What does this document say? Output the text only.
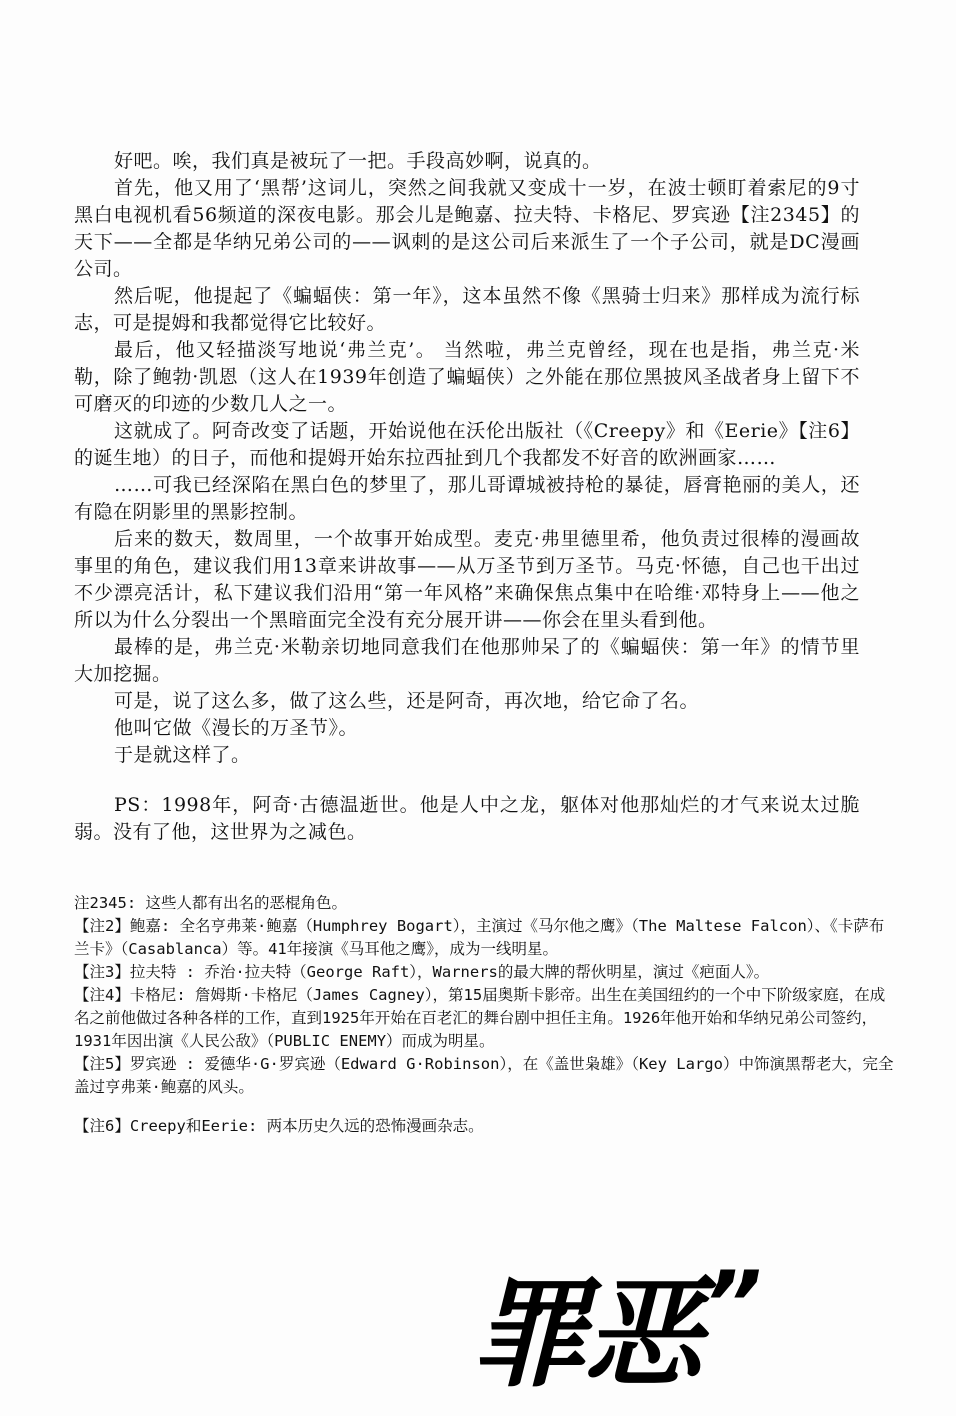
好吧。唉，我们真是被玩了一把。手段高妙啊，说真的。

首先，他又用了‘黑帮’这词儿，突然之间我就又变成十一岁，在波士顿盯着索尼的9寸黑白电视机看56频道的深夜电影。那会儿是鲍嘉、拉夫特、卡格尼、罗宾逊【注2345】的天下——全都是华纳兄弟公司的——讽刺的是这公司后来派生了一个子公司，就是DC漫画公司。

然后呢，他提起了《蝙蝠侠：第一年》，这本虽然不像《黑骑士归来》那样成为流行标志，可是提姆和我都觉得它比较好。

最后，他又轻描淡写地说‘弗兰克’。 当然啦，弗兰克曾经，现在也是指，弗兰克·米勒，除了鲍勃·凯恩（这人在1939年创造了蝙蝠侠）之外能在那位黑披风圣战者身上留下不可磨灭的印迹的少数几人之一。

这就成了。阿奇改变了话题，开始说他在沃伦出版社（《Creepy》和《Eerie》【注6】的诞生地）的日子，而他和提姆开始东拉西扯到几个我都发不好音的欧洲画家……

……可我已经深陷在黑白色的梦里了，那儿哥谭城被持枪的暴徒，唇膏艳丽的美人，还有隐在阴影里的黑影控制。

后来的数天，数周里，一个故事开始成型。麦克·弗里德里希，他负责过很棒的漫画故事里的角色，建议我们用13章来讲故事——从万圣节到万圣节。马克·怀德，自己也干出过不少漂亮活计，私下建议我们沿用“第一年风格”来确保焦点集中在哈维·邓特身上——他之所以为什么分裂出一个黑暗面完全没有充分展开讲——你会在里头看到他。

最棒的是，弗兰克·米勒亲切地同意我们在他那帅呆了的《蝙蝠侠：第一年》的情节里大加挖掘。

可是，说了这么多，做了这么些，还是阿奇，再次地，给它命了名。

他叫它做《漫长的万圣节》。

于是就这样了。

PS：1998年，阿奇·古德温逝世。他是人中之龙，躯体对他那灿烂的才气来说太过脆弱。没有了他，这世界为之减色。

注2345: 这些人都有出名的恶棍角色。

【注2】鲍嘉: 全名亨弗莱·鲍嘉（Humphrey Bogart），主演过《马尔他之鹰》（The Maltese Falcon）、《卡萨布兰卡》（Casablanca）等。41年接演《马耳他之鹰》，成为一线明星。

【注3】拉夫特 : 乔治·拉夫特（George Raft），Warners的最大牌的帮伙明星，演过《疤面人》。

【注4】卡格尼: 詹姆斯·卡格尼（James Cagney），第15届奥斯卡影帝。出生在美国纽约的一个中下阶级家庭，在成名之前他做过各种各样的工作，直到1925年开始在百老汇的舞台剧中担任主角。1926年他开始和华纳兄弟公司签约，1931年因出演《人民公敌》（PUBLIC ENEMY）而成为明星。

【注5】罗宾逊 : 爱德华·G·罗宾逊（Edward G·Robinson），在《盖世枭雄》（Key Largo）中饰演黑帮老大，完全盖过亨弗莱·鲍嘉的风头。

【注6】Creepy和Eerie: 两本历史久远的恐怖漫画杂志。

罪恶”
